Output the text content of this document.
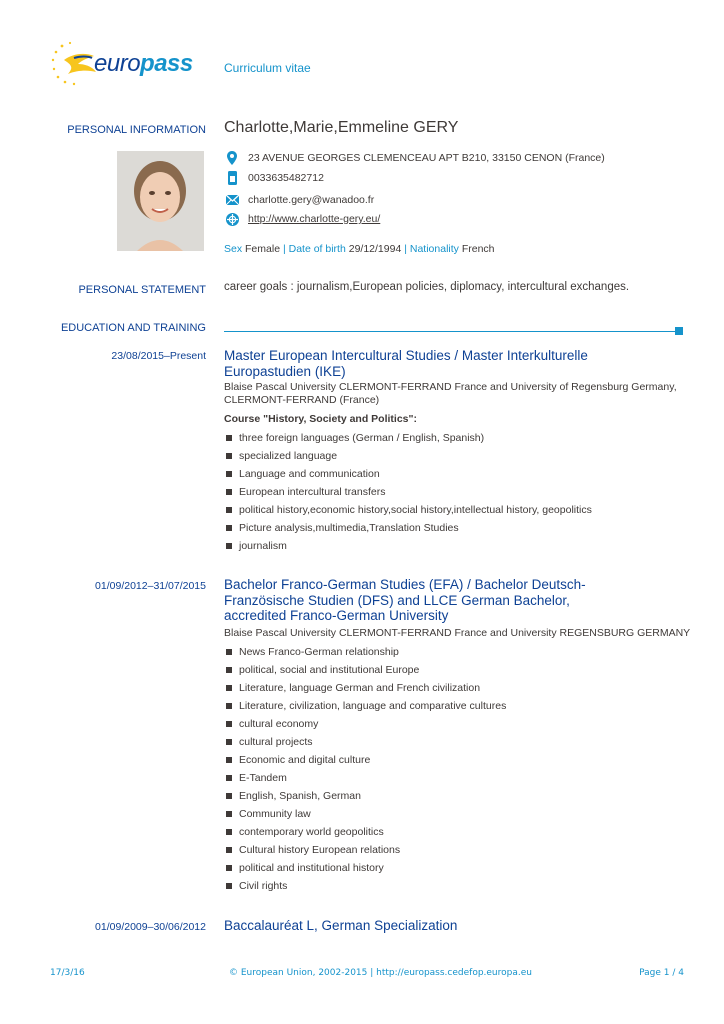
europass	Curriculum vitae
PERSONAL INFORMATION Charlotte,Marie,Emmeline GERY
23 AVENUE GEORGES CLEMENCEAU APT B210, 33150 CENON (France)
0033635482712
charlotte.gery@wanadoo.fr
http://www.charlotte-gery.eu/
Sex Female | Date of birth 29/12/1994 | Nationality French
PERSONAL STATEMENT career goals : journalism,European policies, diplomacy, intercultural exchanges.
EDUCATION AND TRAINING
23/08/2015–Present Master European Intercultural Studies / Master Interkulturelle
Europastudien (IKE)
Blaise Pascal University CLERMONT-FERRAND France and University of Regensburg Germany,
CLERMONT-FERRAND (France)
Course "History, Society and Politics":
three foreign languages (German / English, Spanish)
specialized language
Language and communication
European intercultural transfers
political history,economic history,social history,intellectual history, geopolitics
Picture analysis,multimedia,Translation Studies
journalism
01/09/2012–31/07/2015 Bachelor Franco-German Studies (EFA) / Bachelor Deutsch-
Französische Studien (DFS) and LLCE German Bachelor,
accredited Franco-German University
Blaise Pascal University CLERMONT-FERRAND France and University REGENSBURG GERMANY
News Franco-German relationship
political, social and institutional Europe
Literature, language German and French civilization
Literature, civilization, language and comparative cultures
cultural economy
cultural projects
Economic and digital culture
E-Tandem
English, Spanish, German
Community law
contemporary world geopolitics
Cultural history European relations
political and institutional history
Civil rights
01/09/2009–30/06/2012 Baccalauréat L, German Specialization
17/3/16	© European Union, 2002-2015 | http://europass.cedefop.europa.eu	Page 1 / 4
